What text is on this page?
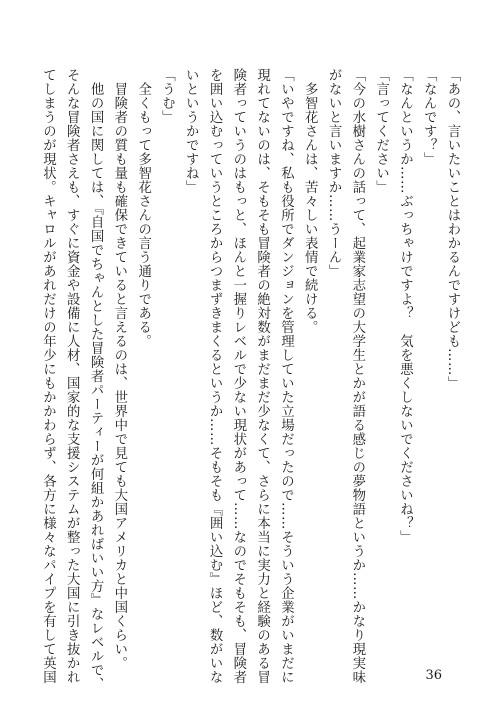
「あの、言いたいことはわかるんですけども……」
「なんです？」
「なんというか……ぶっちゃけですよ？　気を悪くしないでくださいね？」
「言ってください」
「今の水樹さんの話って、起業家志望の大学生とかが語る感じの夢物語というか……かなり現実味
がないと言いますか……うーん」
　多智花さんは、苦々しい表情で続ける。
「いやですね、私も役所でダンジョンを管理していた立場だったので……そういう企業がいまだに
現れてないのは、そもそも冒険者の絶対数がまだまだ少なくて、さらに本当に実力と経験のある冒
険者っていうのはもっと、ほんと一握りレベルで少ない現状があって……なのでそもそも、冒険者
を囲い込むっていうところからつまずきまくるというか……そもそも『囲い込む』ほど、数がいな
いというかですね」
「うむ」
　全くもって多智花さんの言う通りである。
　冒険者の質も量も確保できていると言えるのは、世界中で見ても大国アメリカと中国くらい。
　他の国に関しては、『自国でちゃんとした冒険者パーティーが何組かあればいい方』なレベルで、
そんな冒険者さえも、すぐに資金や設備に人材、国家的な支援システムが整った大国に引き抜かれ
てしまうのが現状。キャロルがあれだけの年少にもかかわらず、各方に様々なパイプを有して英国	36
